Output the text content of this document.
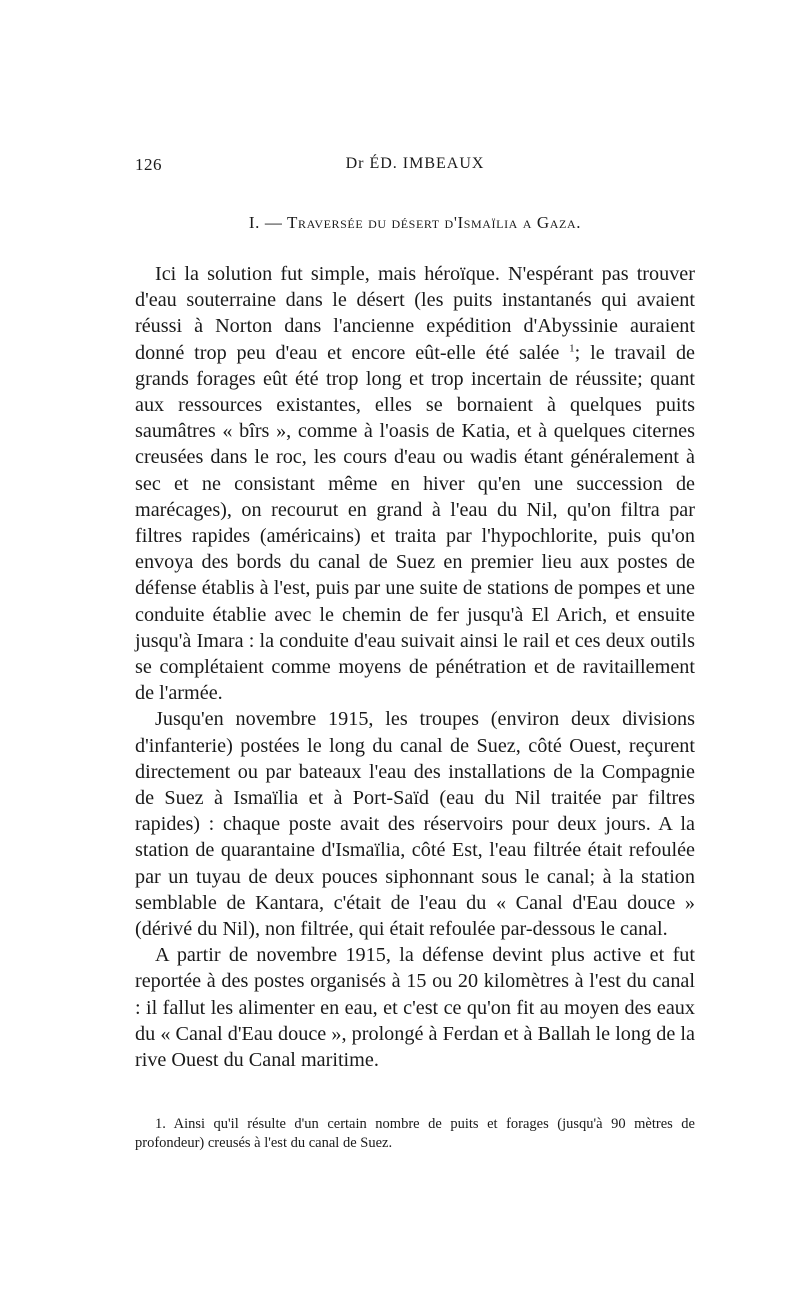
126	Dr ÉD. IMBEAUX
I. — Traversée du désert d'Ismaïlia a Gaza.

Ici la solution fut simple, mais héroïque. N'espérant pas trouver d'eau souterraine dans le désert (les puits instantanés qui avaient réussi à Norton dans l'ancienne expédition d'Abyssinie auraient donné trop peu d'eau et encore eût-elle été salée $^1$; le travail de grands forages eût été trop long et trop incertain de réussite; quant aux ressources existantes, elles se bornaient à quelques puits saumâtres « bîrs », comme à l'oasis de Katia, et à quelques citernes creusées dans le roc, les cours d'eau ou wadis étant généralement à sec et ne consistant même en hiver qu'en une succession de marécages), on recourut en grand à l'eau du Nil, qu'on filtra par filtres rapides (américains) et traita par l'hypochlorite, puis qu'on envoya des bords du canal de Suez en premier lieu aux postes de défense établis à l'est, puis par une suite de stations de pompes et une conduite établie avec le chemin de fer jusqu'à El Arich, et ensuite jusqu'à Imara : la conduite d'eau suivait ainsi le rail et ces deux outils se complétaient comme moyens de pénétration et de ravitaillement de l'armée.

Jusqu'en novembre 1915, les troupes (environ deux divisions d'infanterie) postées le long du canal de Suez, côté Ouest, reçurent directement ou par bateaux l'eau des installations de la Compagnie de Suez à Ismaïlia et à Port-Saïd (eau du Nil traitée par filtres rapides) : chaque poste avait des réservoirs pour deux jours. A la station de quarantaine d'Ismaïlia, côté Est, l'eau filtrée était refoulée par un tuyau de deux pouces siphonnant sous le canal; à la station semblable de Kantara, c'était de l'eau du « Canal d'Eau douce » (dérivé du Nil), non filtrée, qui était refoulée par-dessous le canal.

A partir de novembre 1915, la défense devint plus active et fut reportée à des postes organisés à 15 ou 20 kilomètres à l'est du canal : il fallut les alimenter en eau, et c'est ce qu'on fit au moyen des eaux du « Canal d'Eau douce », prolongé à Ferdan et à Ballah le long de la rive Ouest du Canal maritime.

1. Ainsi qu'il résulte d'un certain nombre de puits et forages (jusqu'à 90 mètres de profondeur) creusés à l'est du canal de Suez.
